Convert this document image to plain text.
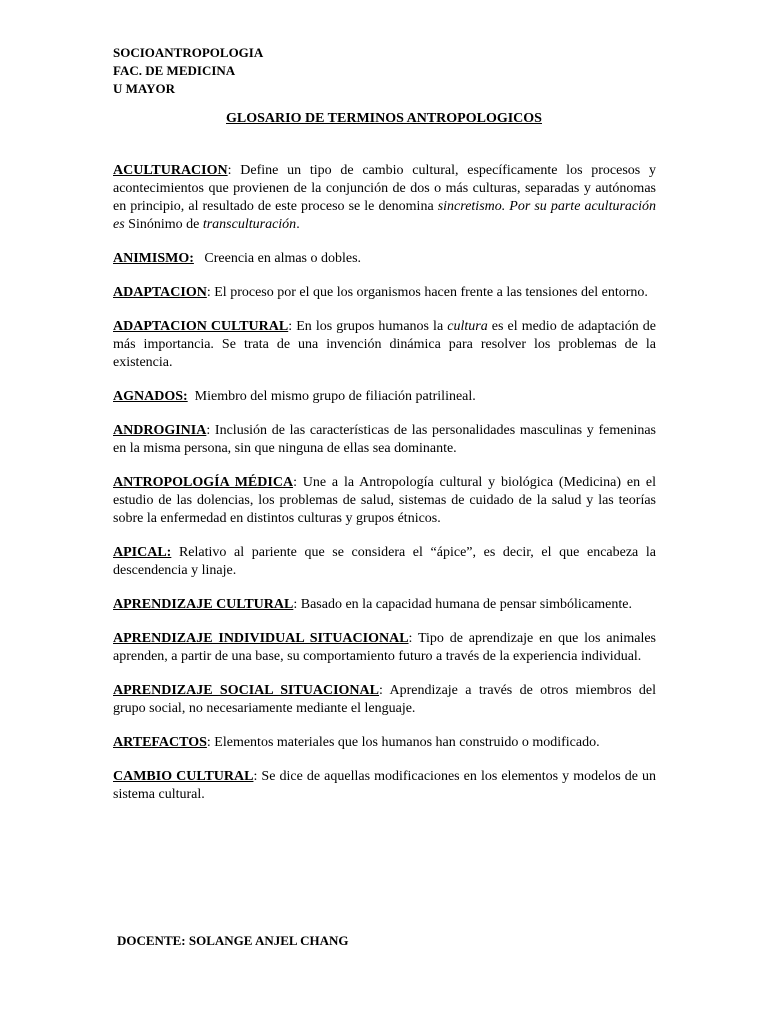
SOCIOANTROPOLOGIA
FAC. DE MEDICINA
U MAYOR
GLOSARIO DE TERMINOS ANTROPOLOGICOS

ACULTURACION: Define un tipo de cambio cultural, específicamente los procesos y acontecimientos que provienen de la conjunción de dos o más culturas, separadas y autónomas en principio, al resultado de este proceso se le denomina sincretismo. Por su parte aculturación es Sinónimo de transculturación.

ANIMISMO:   Creencia en almas o dobles.

ADAPTACION: El proceso por el que los organismos hacen frente a las tensiones del entorno.

ADAPTACION CULTURAL: En los grupos humanos la cultura es el medio de adaptación de más importancia. Se trata de una invención dinámica para resolver los problemas de la existencia.

AGNADOS:  Miembro del mismo grupo de filiación patrilineal.

ANDROGINIA: Inclusión de las características de las personalidades masculinas y femeninas en la misma persona, sin que ninguna de ellas sea dominante.

ANTROPOLOGÍA MÉDICA: Une a la Antropología cultural y biológica (Medicina) en el estudio de las dolencias, los problemas de salud, sistemas de cuidado de la salud y las teorías sobre la enfermedad en distintos culturas y grupos étnicos.

APICAL: Relativo al pariente que se considera el “ápice”, es decir, el que encabeza la descendencia y linaje.

APRENDIZAJE CULTURAL: Basado en la capacidad humana de pensar simbólicamente.

APRENDIZAJE INDIVIDUAL SITUACIONAL: Tipo de aprendizaje en que los animales aprenden, a partir de una base, su comportamiento futuro a través de la experiencia individual.

APRENDIZAJE SOCIAL SITUACIONAL: Aprendizaje a través de otros miembros del grupo social, no necesariamente mediante el lenguaje.

ARTEFACTOS: Elementos materiales que los humanos han construido o modificado.

CAMBIO CULTURAL: Se dice de aquellas modificaciones en los elementos y modelos de un sistema cultural.

DOCENTE: SOLANGE ANJEL CHANG
